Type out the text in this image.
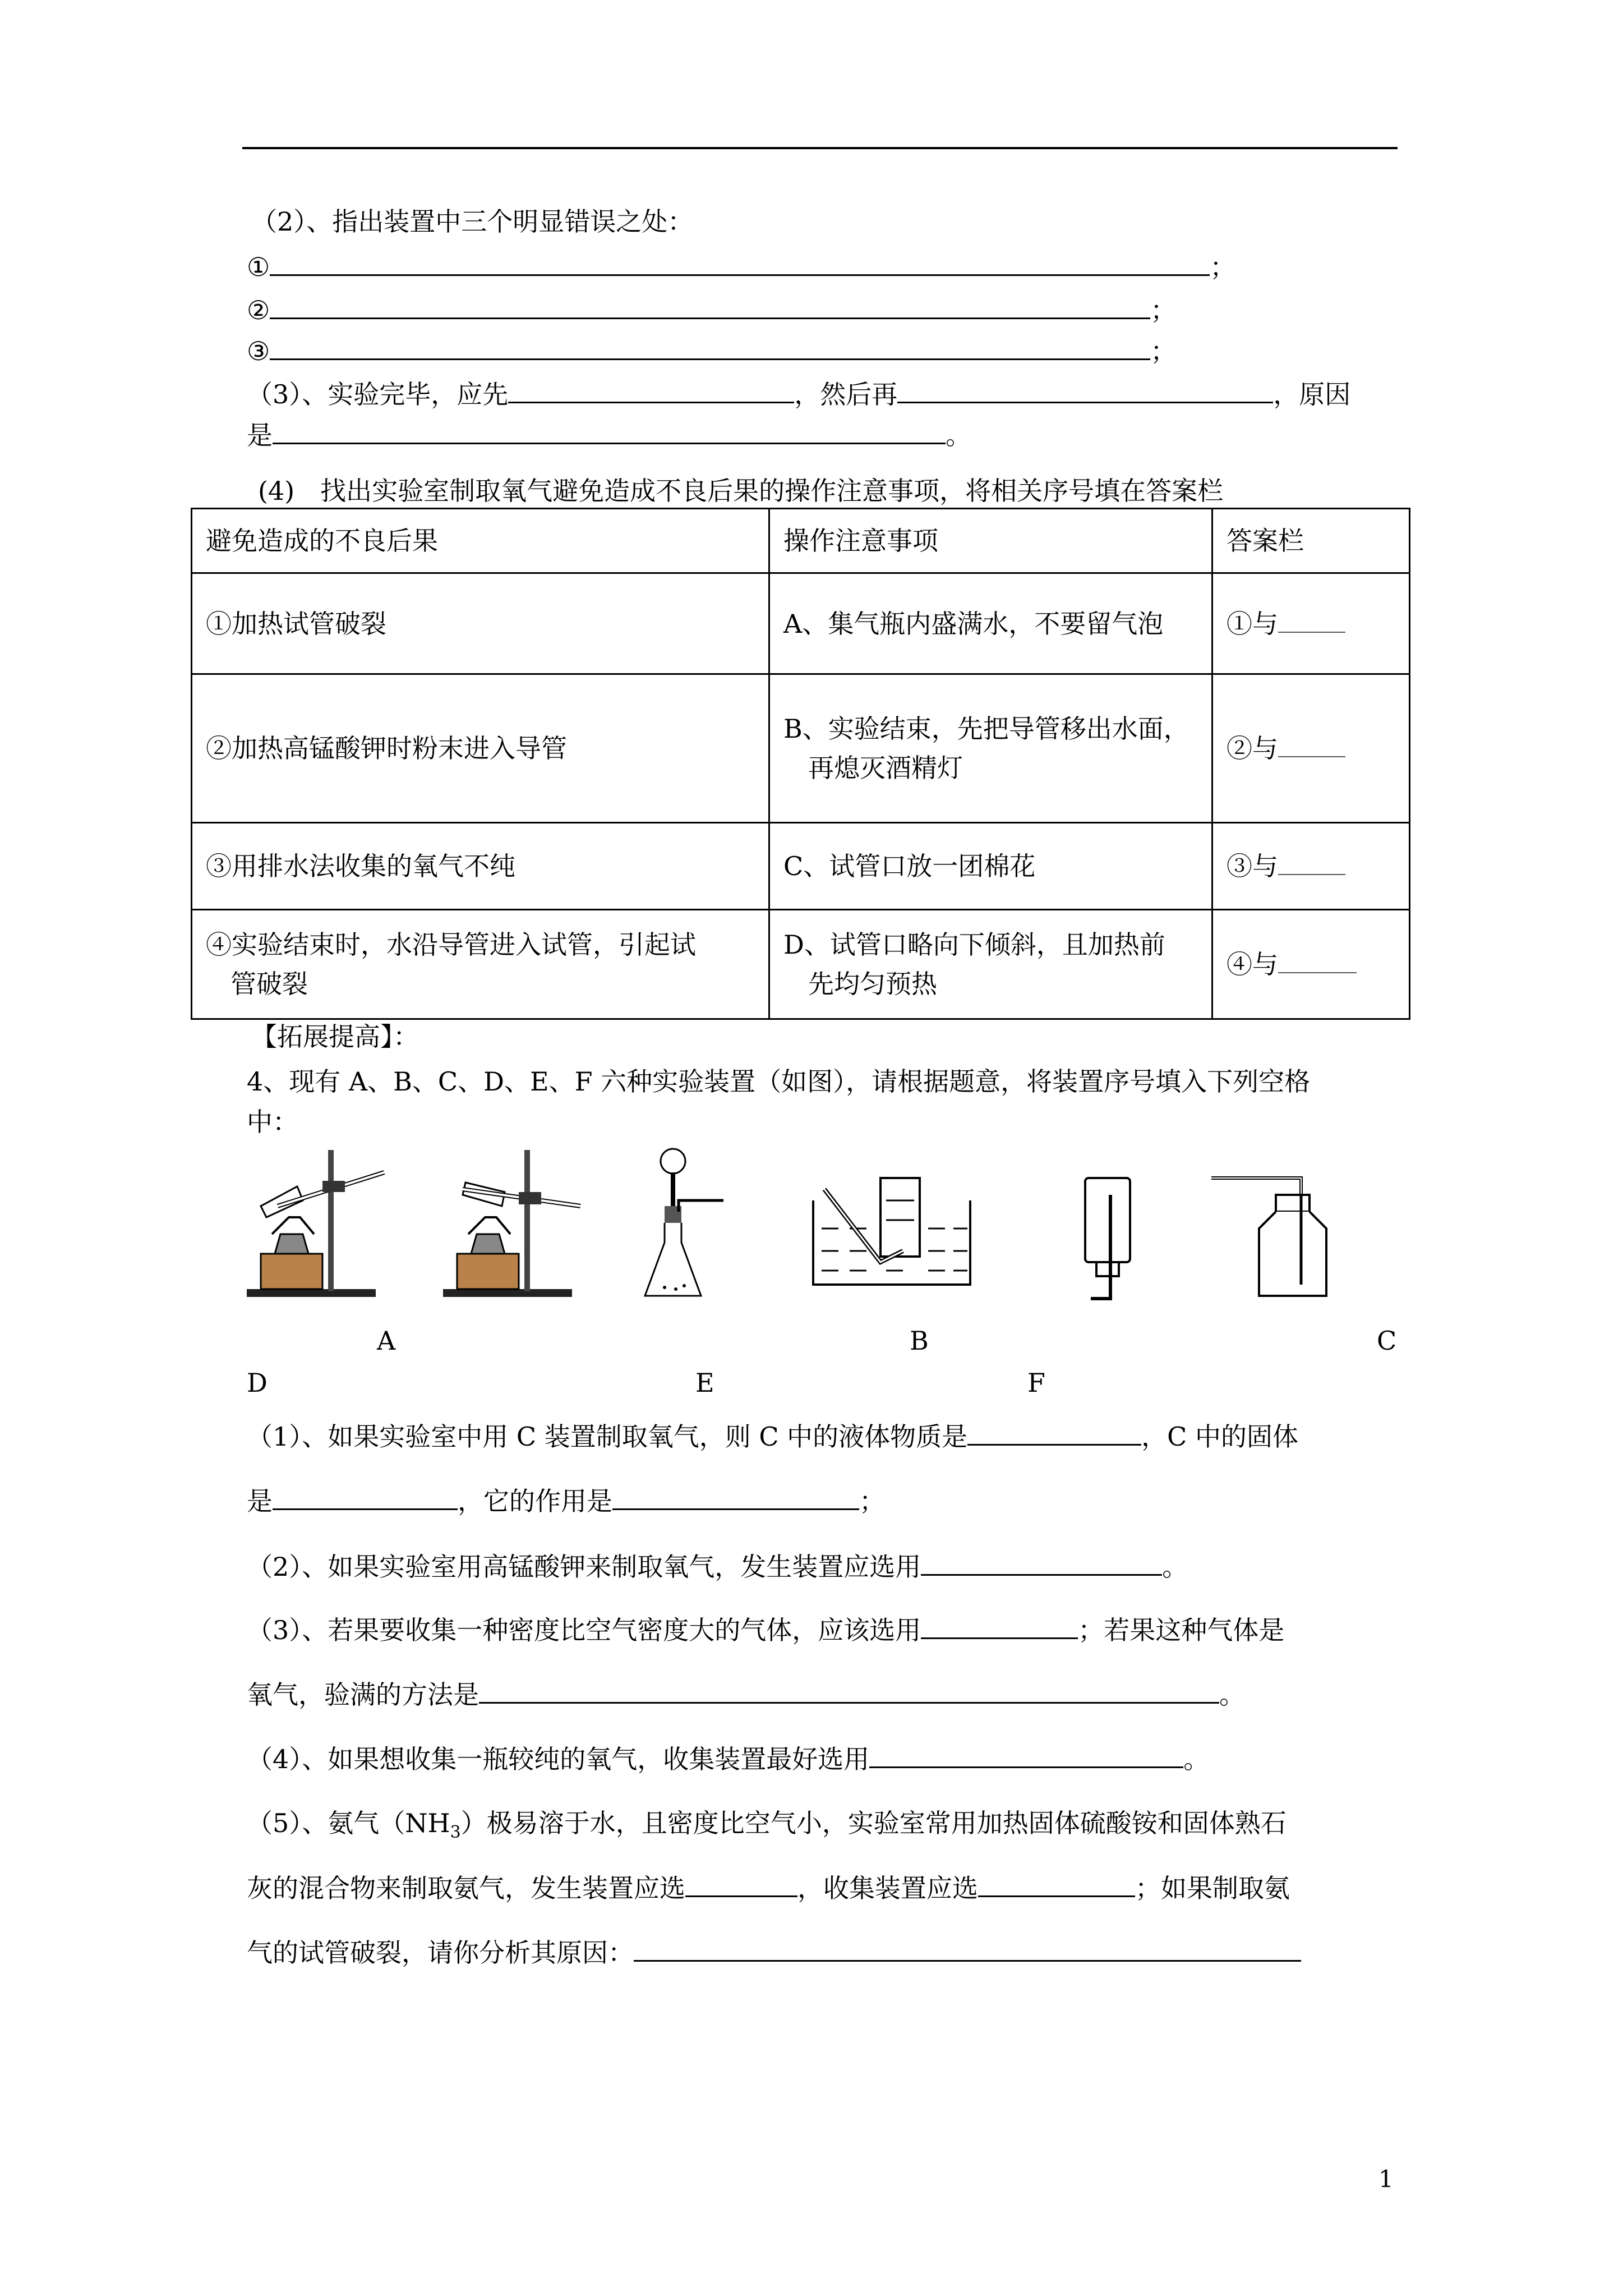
（2）、指出装置中三个明显错误之处：
①	；
②	；
③	；
（3）、实验完毕，应先	，然后再	，原因
是	。
(4)　找出实验室制取氧气避免造成不良后果的操作注意事项，将相关序号填在答案栏
避免造成的不良后果	操作注意事项	答案栏
①加热试管破裂	A、集气瓶内盛满水，不要留气泡	①与
②加热高锰酸钾时粉末进入导管	B、实验结束，先把导管移出水面，
再熄灭酒精灯	②与
③用排水法收集的氧气不纯	C、试管口放一团棉花	③与
④实验结束时，水沿导管进入试管，引起试
管破裂	D、试管口略向下倾斜，且加热前
先均匀预热	④与
【拓展提高】：
4、现有 A、B、C、D、E、F 六种实验装置（如图），请根据题意，将装置序号填入下列空格
中：
A	B	C
D	E	F
（1）、如果实验室中用 C 装置制取氧气，则 C 中的液体物质是	，C 中的固体
是	，它的作用是	；
（2）、如果实验室用高锰酸钾来制取氧气，发生装置应选用	。
（3）、若果要收集一种密度比空气密度大的气体，应该选用	；若果这种气体是
氧气，验满的方法是	。
（4）、如果想收集一瓶较纯的氧气，收集装置最好选用	。
（5）、氨气$(NH_3)$极易溶于水，且密度比空气小，实验室常用加热固体硫酸铵和固体熟石
灰的混合物来制取氨气，发生装置应选	，收集装置应选	；如果制取氨
气的试管破裂，请你分析其原因：
1
